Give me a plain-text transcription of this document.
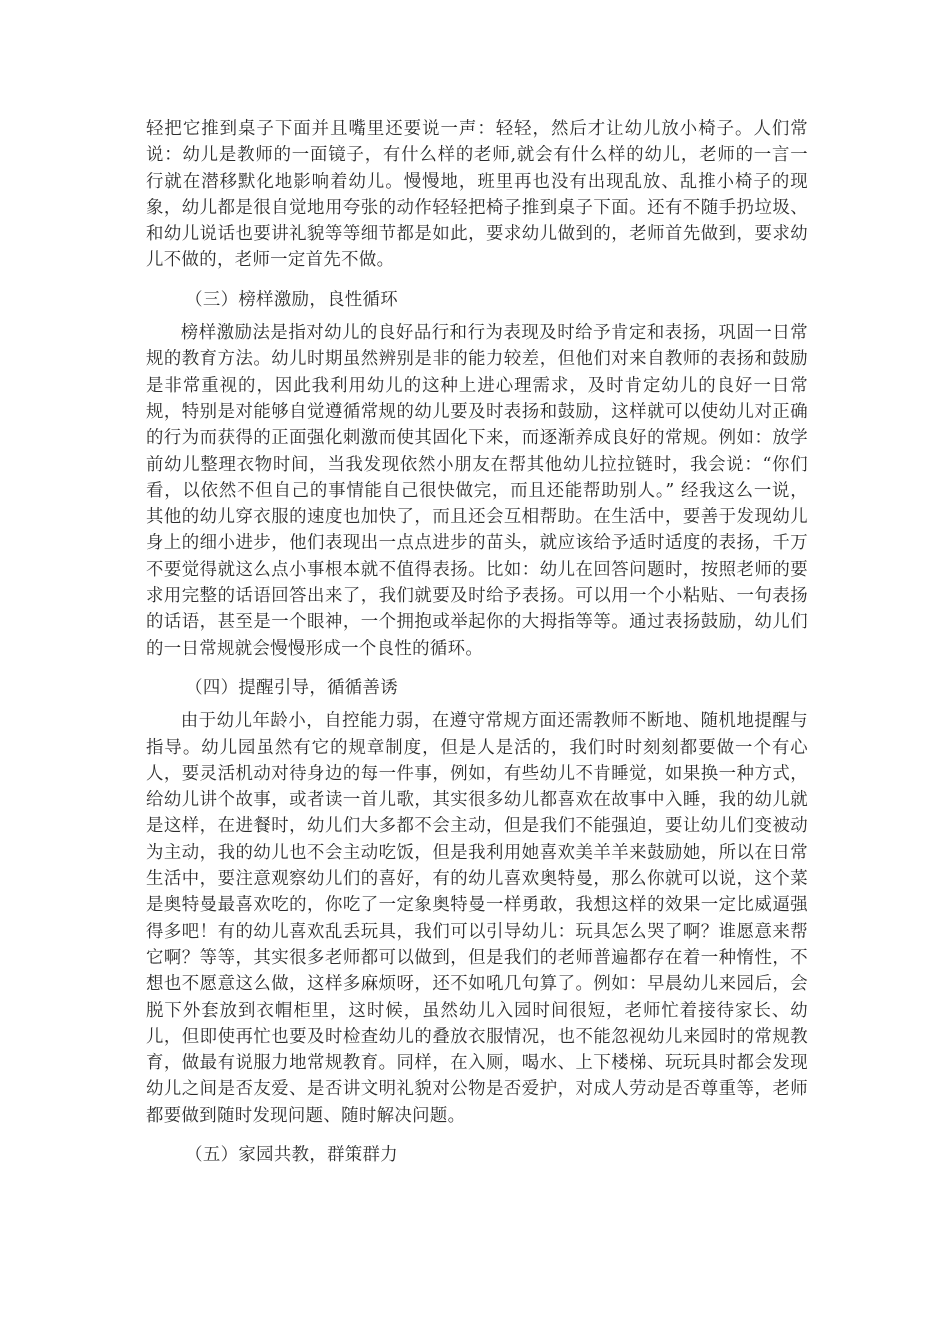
轻把它推到桌子下面并且嘴里还要说一声：轻轻，然后才让幼儿放小椅子。人们常说：幼儿是教师的一面镜子，有什么样的老师,就会有什么样的幼儿，老师的一言一行就在潜移默化地影响着幼儿。慢慢地，班里再也没有出现乱放、乱推小椅子的现象，幼儿都是很自觉地用夸张的动作轻轻把椅子推到桌子下面。还有不随手扔垃圾、和幼儿说话也要讲礼貌等等细节都是如此，要求幼儿做到的，老师首先做到，要求幼儿不做的，老师一定首先不做。

（三）榜样激励，良性循环

榜样激励法是指对幼儿的良好品行和行为表现及时给予肯定和表扬，巩固一日常规的教育方法。幼儿时期虽然辨别是非的能力较差，但他们对来自教师的表扬和鼓励是非常重视的，因此我利用幼儿的这种上进心理需求，及时肯定幼儿的良好一日常规，特别是对能够自觉遵循常规的幼儿要及时表扬和鼓励，这样就可以使幼儿对正确的行为而获得的正面强化刺激而使其固化下来，而逐渐养成良好的常规。例如：放学前幼儿整理衣物时间，当我发现依然小朋友在帮其他幼儿拉拉链时，我会说：“你们看，以依然不但自己的事情能自己很快做完，而且还能帮助别人。” 经我这么一说，其他的幼儿穿衣服的速度也加快了，而且还会互相帮助。在生活中，要善于发现幼儿身上的细小进步，他们表现出一点点进步的苗头，就应该给予适时适度的表扬，千万不要觉得就这么点小事根本就不值得表扬。比如：幼儿在回答问题时，按照老师的要求用完整的话语回答出来了，我们就要及时给予表扬。可以用一个小粘贴、一句表扬的话语，甚至是一个眼神，一个拥抱或举起你的大拇指等等。通过表扬鼓励，幼儿们的一日常规就会慢慢形成一个良性的循环。

（四）提醒引导，循循善诱

由于幼儿年龄小，自控能力弱，在遵守常规方面还需教师不断地、随机地提醒与指导。幼儿园虽然有它的规章制度，但是人是活的，我们时时刻刻都要做一个有心人，要灵活机动对待身边的每一件事，例如，有些幼儿不肯睡觉，如果换一种方式，给幼儿讲个故事，或者读一首儿歌，其实很多幼儿都喜欢在故事中入睡，我的幼儿就是这样，在进餐时，幼儿们大多都不会主动，但是我们不能强迫，要让幼儿们变被动为主动，我的幼儿也不会主动吃饭，但是我利用她喜欢美羊羊来鼓励她，所以在日常生活中，要注意观察幼儿们的喜好，有的幼儿喜欢奥特曼，那么你就可以说，这个菜是奥特曼最喜欢吃的，你吃了一定象奥特曼一样勇敢，我想这样的效果一定比威逼强得多吧！有的幼儿喜欢乱丢玩具，我们可以引导幼儿：玩具怎么哭了啊？谁愿意来帮它啊？等等，其实很多老师都可以做到，但是我们的老师普遍都存在着一种惰性，不想也不愿意这么做，这样多麻烦呀，还不如吼几句算了。例如：早晨幼儿来园后，会脱下外套放到衣帽柜里，这时候，虽然幼儿入园时间很短，老师忙着接待家长、幼儿，但即使再忙也要及时检查幼儿的叠放衣服情况，也不能忽视幼儿来园时的常规教育，做最有说服力地常规教育。同样，在入厕，喝水、上下楼梯、玩玩具时都会发现幼儿之间是否友爱、是否讲文明礼貌对公物是否爱护，对成人劳动是否尊重等，老师都要做到随时发现问题、随时解决问题。

（五）家园共教，群策群力
